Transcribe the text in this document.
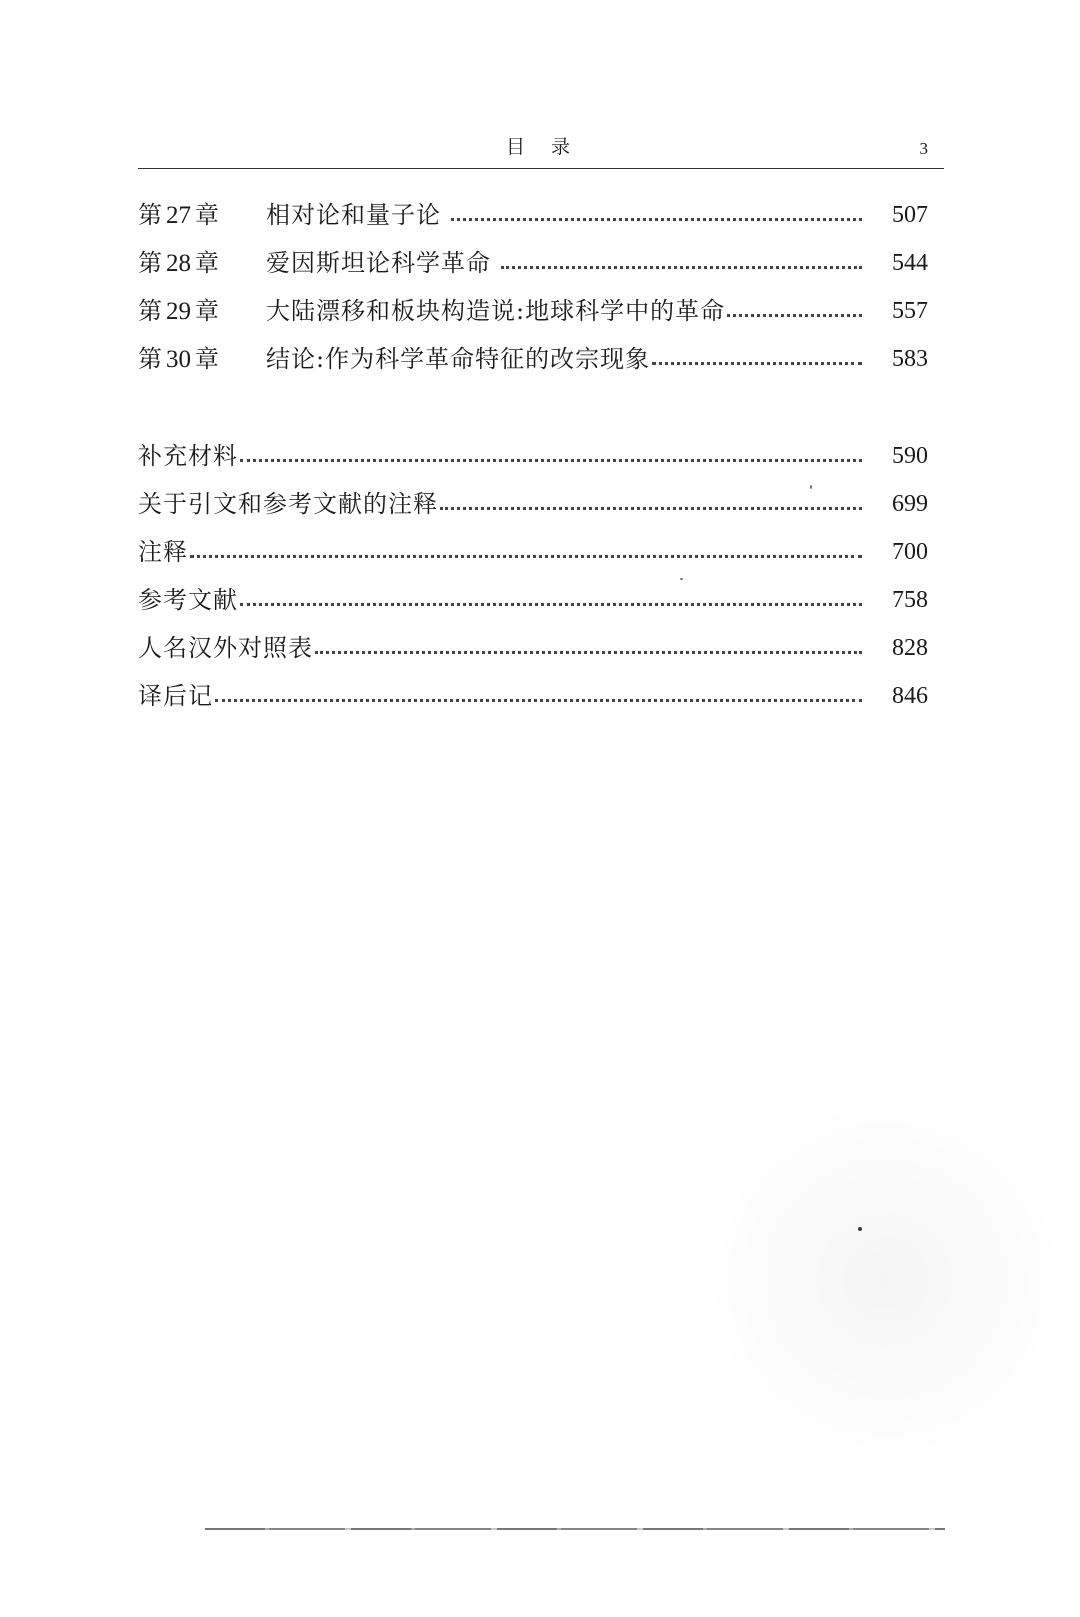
目录	3
第 27 章	相对论和量子论	507
第 28 章	爱因斯坦论科学革命	544
第 29 章	大陆漂移和板块构造说:地球科学中的革命	557
第 30 章	结论:作为科学革命特征的改宗现象	583
补充材料	590
关于引文和参考文献的注释	699
注释	700
参考文献	758
人名汉外对照表	828
译后记	846
